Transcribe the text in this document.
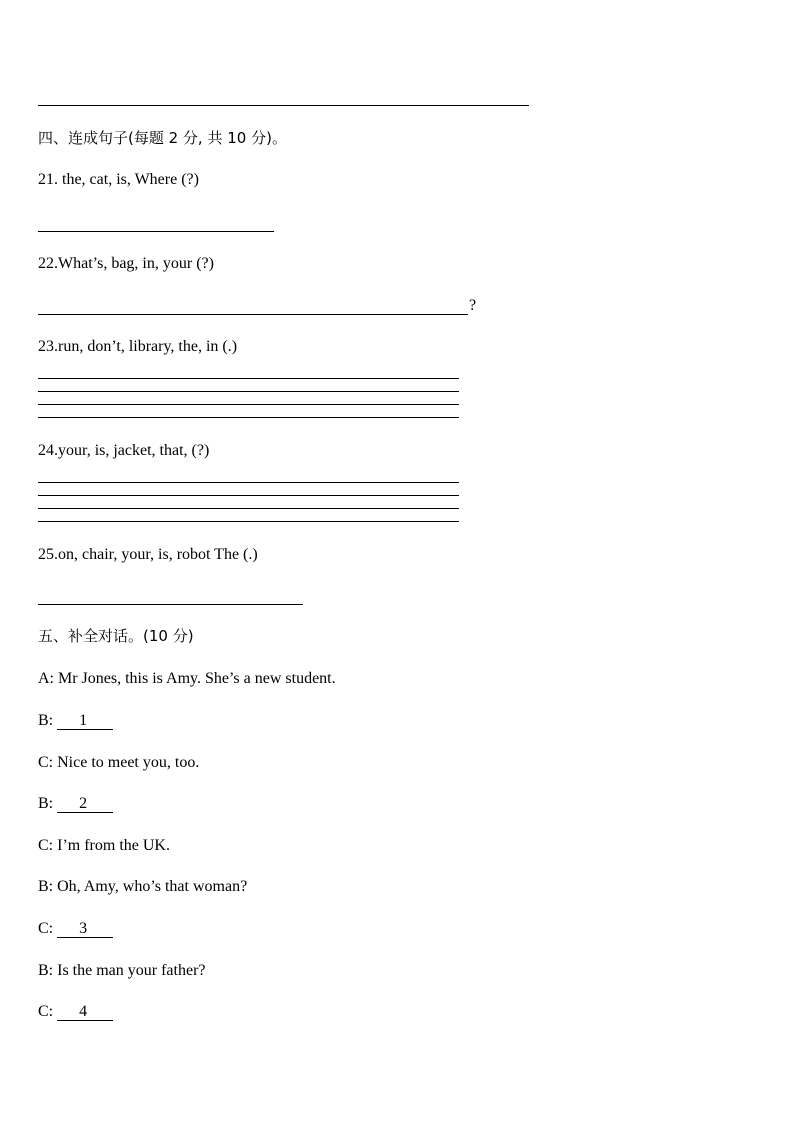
四、连成句子(每题 2 分, 共 10 分)。
21. the, cat, is, Where (?)
22.What’s, bag, in, your (?)
?
23.run, don’t, library, the, in (.)
24.your, is, jacket, that, (?)
25.on, chair, your, is, robot The (.)
五、补全对话。(10 分)
A: Mr Jones, this is Amy. She’s a new student.
B: 1
C: Nice to meet you, too.
B: 2
C: I’m from the UK.
B: Oh, Amy, who’s that woman?
C: 3
B: Is the man your father?
C: 4
